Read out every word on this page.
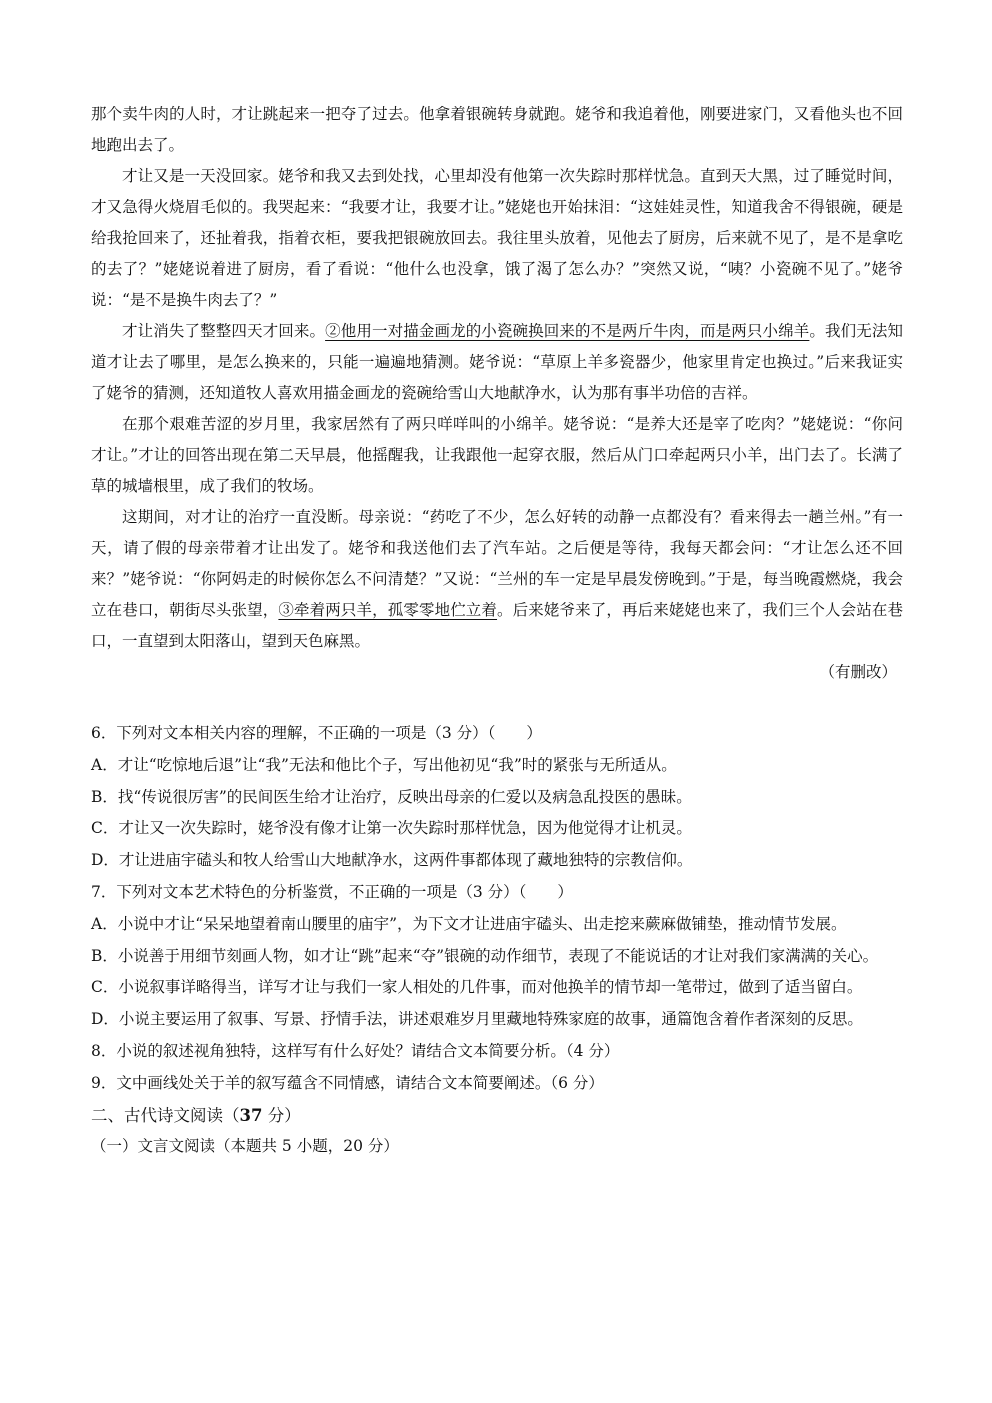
那个卖牛肉的人时，才让跳起来一把夺了过去。他拿着银碗转身就跑。姥爷和我追着他，刚要进家门，又看他头也不回地跑出去了。

才让又是一天没回家。姥爷和我又去到处找，心里却没有他第一次失踪时那样忧急。直到天大黑，过了睡觉时间，才又急得火烧眉毛似的。我哭起来：“我要才让，我要才让。”姥姥也开始抹泪：“这娃娃灵性，知道我舍不得银碗，硬是给我抢回来了，还扯着我，指着衣柜，要我把银碗放回去。我往里头放着，见他去了厨房，后来就不见了，是不是拿吃的去了？”姥姥说着进了厨房，看了看说：“他什么也没拿，饿了渴了怎么办？”突然又说，“咦？小瓷碗不见了。”姥爷说：“是不是换牛肉去了？”

才让消失了整整四天才回来。②他用一对描金画龙的小瓷碗换回来的不是两斤牛肉，而是两只小绵羊。我们无法知道才让去了哪里，是怎么换来的，只能一遍遍地猜测。姥爷说：“草原上羊多瓷器少，他家里肯定也换过。”后来我证实了姥爷的猜测，还知道牧人喜欢用描金画龙的瓷碗给雪山大地献净水，认为那有事半功倍的吉祥。

在那个艰难苦涩的岁月里，我家居然有了两只咩咩叫的小绵羊。姥爷说：“是养大还是宰了吃肉？”姥姥说：“你问才让。”才让的回答出现在第二天早晨，他摇醒我，让我跟他一起穿衣服，然后从门口牵起两只小羊，出门去了。长满了草的城墙根里，成了我们的牧场。

这期间，对才让的治疗一直没断。母亲说：“药吃了不少，怎么好转的动静一点都没有？看来得去一趟兰州。”有一天，请了假的母亲带着才让出发了。姥爷和我送他们去了汽车站。之后便是等待，我每天都会问：“才让怎么还不回来？”姥爷说：“你阿妈走的时候你怎么不问清楚？”又说：“兰州的车一定是早晨发傍晚到。”于是，每当晚霞燃烧，我会立在巷口，朝街尽头张望，③牵着两只羊，孤零零地伫立着。后来姥爷来了，再后来姥姥也来了，我们三个人会站在巷口，一直望到太阳落山，望到天色麻黑。

（有删改）

6．下列对文本相关内容的理解，不正确的一项是（3 分）（　　）

A．才让“吃惊地后退”让“我”无法和他比个子，写出他初见“我”时的紧张与无所适从。

B．找“传说很厉害”的民间医生给才让治疗，反映出母亲的仁爱以及病急乱投医的愚昧。

C．才让又一次失踪时，姥爷没有像才让第一次失踪时那样忧急，因为他觉得才让机灵。

D．才让进庙宇磕头和牧人给雪山大地献净水，这两件事都体现了藏地独特的宗教信仰。

7．下列对文本艺术特色的分析鉴赏，不正确的一项是（3 分）（　　）

A．小说中才让“呆呆地望着南山腰里的庙宇”，为下文才让进庙宇磕头、出走挖来蕨麻做铺垫，推动情节发展。

B．小说善于用细节刻画人物，如才让“跳”起来“夺”银碗的动作细节，表现了不能说话的才让对我们家满满的关心。

C．小说叙事详略得当，详写才让与我们一家人相处的几件事，而对他换羊的情节却一笔带过，做到了适当留白。

D．小说主要运用了叙事、写景、抒情手法，讲述艰难岁月里藏地特殊家庭的故事，通篇饱含着作者深刻的反思。

8．小说的叙述视角独特，这样写有什么好处？请结合文本简要分析。（4 分）

9．文中画线处关于羊的叙写蕴含不同情感，请结合文本简要阐述。（6 分）

二、古代诗文阅读（37 分）

（一）文言文阅读（本题共 5 小题，20 分）
